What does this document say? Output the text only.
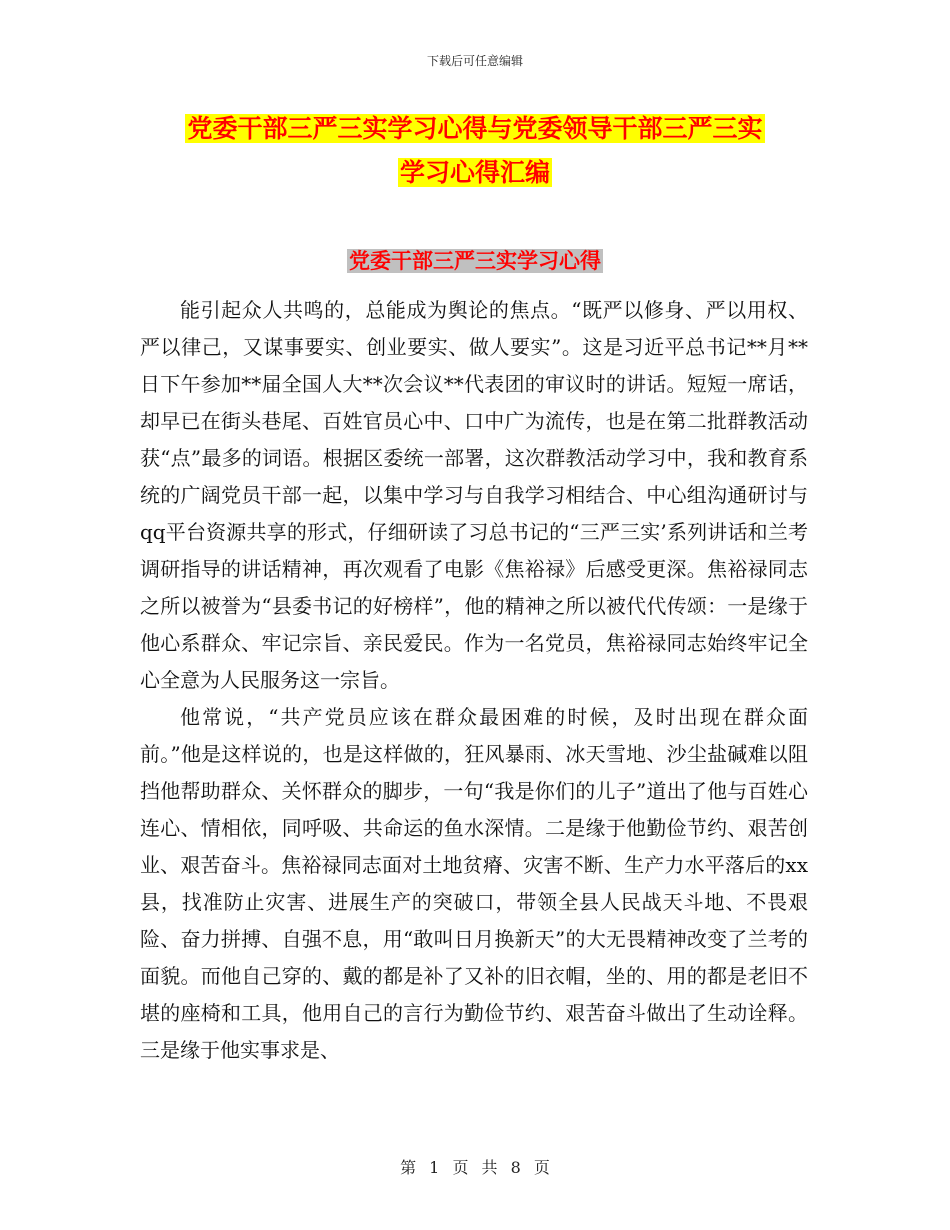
下载后可任意编辑
党委干部三严三实学习心得与党委领导干部三严三实
学习心得汇编
党委干部三严三实学习心得

能引起众人共鸣的，总能成为舆论的焦点。“既严以修身、严以用权、严以律己，又谋事要实、创业要实、做人要实”。这是习近平总书记**月**日下午参加**届全国人大**次会议**代表团的审议时的讲话。短短一席话，却早已在街头巷尾、百姓官员心中、口中广为流传，也是在第二批群教活动获“点”最多的词语。根据区委统一部署，这次群教活动学习中，我和教育系统的广阔党员干部一起，以集中学习与自我学习相结合、中心组沟通研讨与qq平台资源共享的形式，仔细研读了习总书记的“三严三实’系列讲话和兰考调研指导的讲话精神，再次观看了电影《焦裕禄》后感受更深。焦裕禄同志之所以被誉为“县委书记的好榜样”，他的精神之所以被代代传颂：一是缘于他心系群众、牢记宗旨、亲民爱民。作为一名党员，焦裕禄同志始终牢记全心全意为人民服务这一宗旨。

他常说，“共产党员应该在群众最困难的时候，及时出现在群众面前。”他是这样说的，也是这样做的，狂风暴雨、冰天雪地、沙尘盐碱难以阻挡他帮助群众、关怀群众的脚步，一句“我是你们的儿子”道出了他与百姓心连心、情相依，同呼吸、共命运的鱼水深情。二是缘于他勤俭节约、艰苦创业、艰苦奋斗。焦裕禄同志面对土地贫瘠、灾害不断、生产力水平落后的xx县，找准防止灾害、进展生产的突破口，带领全县人民战天斗地、不畏艰险、奋力拼搏、自强不息，用“敢叫日月换新天”的大无畏精神改变了兰考的面貌。而他自己穿的、戴的都是补了又补的旧衣帽，坐的、用的都是老旧不堪的座椅和工具，他用自己的言行为勤俭节约、艰苦奋斗做出了生动诠释。三是缘于他实事求是、

第 1 页 共 8 页
